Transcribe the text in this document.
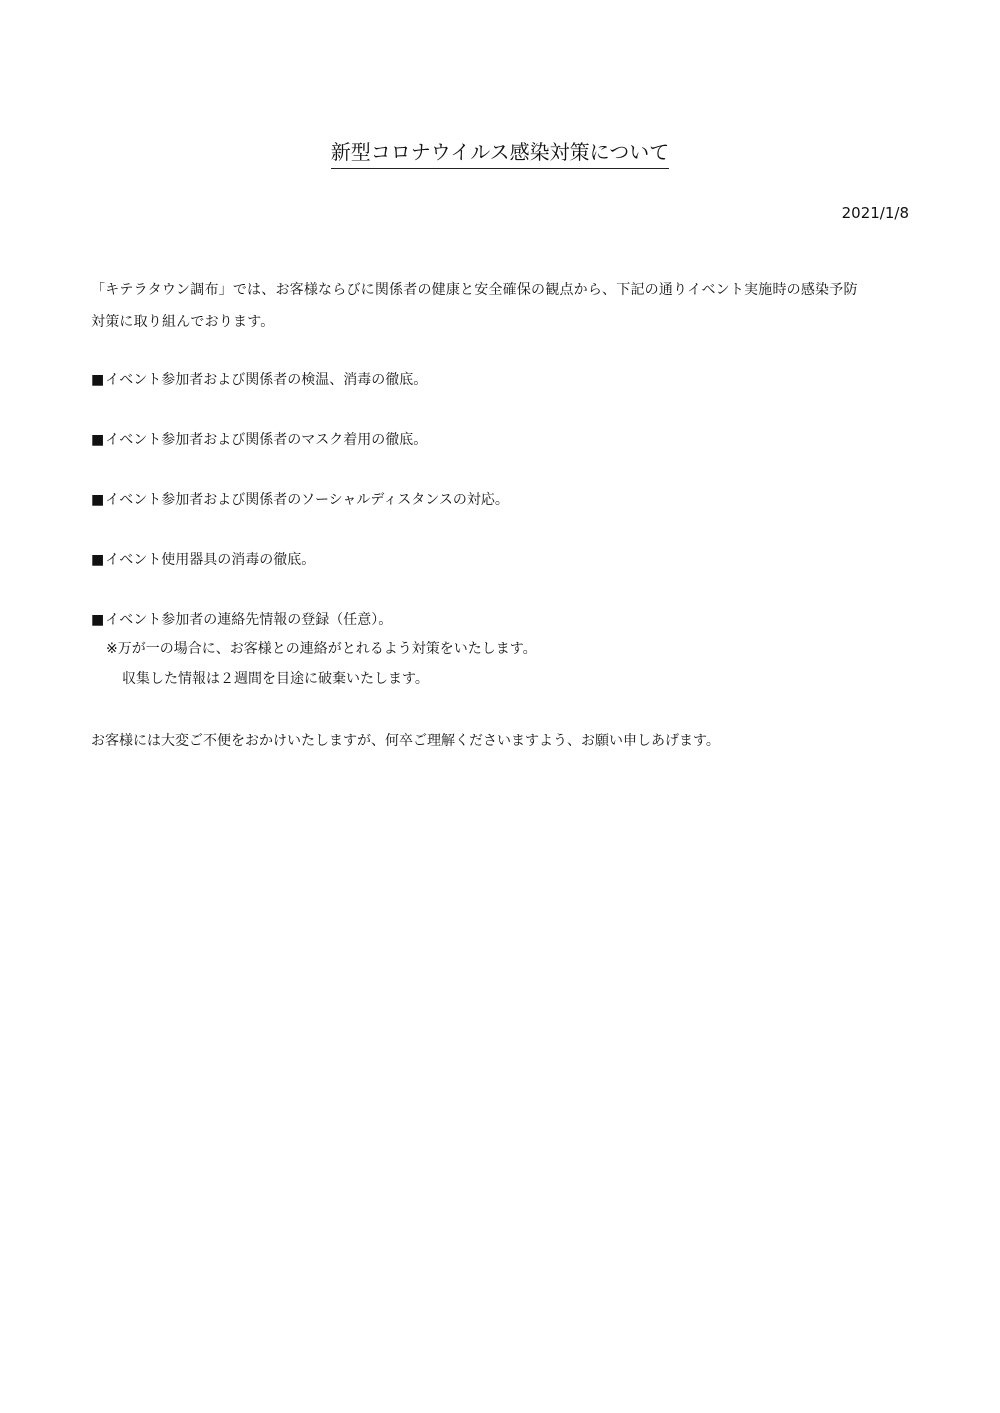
新型コロナウイルス感染対策について
2021/1/8
「キテラタウン調布」では、お客様ならびに関係者の健康と安全確保の観点から、下記の通りイベント実施時の感染予防
対策に取り組んでおります。
■イベント参加者および関係者の検温、消毒の徹底。
■イベント参加者および関係者のマスク着用の徹底。
■イベント参加者および関係者のソーシャルディスタンスの対応。
■イベント使用器具の消毒の徹底。
■イベント参加者の連絡先情報の登録（任意）。
※万が一の場合に、お客様との連絡がとれるよう対策をいたします。
収集した情報は２週間を目途に破棄いたします。
お客様には大変ご不便をおかけいたしますが、何卒ご理解くださいますよう、お願い申しあげます。
